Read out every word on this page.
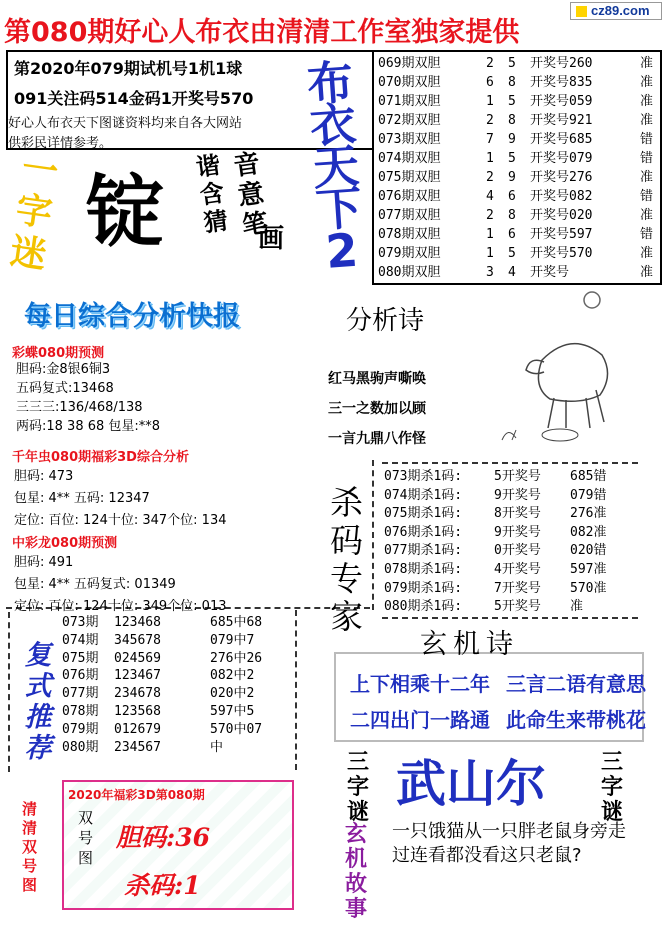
第080期好心人布衣由清清工作室独家提供
cz89.com
第2020年079期试机号1机1球
091关注码514金码1开奖号570
好心人布衣天下图谜资料均来自各大网站
供彩民详情参考。
一字迷 锭
谐含猜
音意笔
画
布衣天下2
069期双胆	2 5 开奖号260	准
070期双胆	6 8 开奖号835	准
071期双胆	1 5 开奖号059	准
072期双胆	2 8 开奖号921	准
073期双胆	7 9 开奖号685	错
074期双胆	1 5 开奖号079	错
075期双胆	2 9 开奖号276	准
076期双胆	4 6 开奖号082	错
077期双胆	2 8 开奖号020	准
078期双胆	1 6 开奖号597	错
079期双胆	1 5 开奖号570	准
080期双胆	3 4 开奖号	准
每日综合分析快报
彩蝶080期预测
胆码:金8银6铜3
五码复式:13468
三三三:136/468/138
两码:18 38 68 包星:**8
千年虫080期福彩3D综合分析
胆码: 473
包星: 4** 五码: 12347
定位: 百位: 124十位: 347个位: 134
中彩龙080期预测
胆码: 491
包星: 4** 五码复式: 01349
定位: 百位: 124十位: 349个位: 013
复式推荐
073期 123468	685中68
074期 345678	079中7
075期 024569	276中26
076期 123467	082中2
077期 234678	020中2
078期 123568	597中5
079期 012679	570中07
080期 234567	中
清清双号图
2020年福彩3D第080期
双号图
胆码:36
杀码:1
分析诗
红马黑驹声嘶唤
三一之数加以顾
一言九鼎八作怪
杀码专家
073期杀1码: 5开奖号 685错
074期杀1码: 9开奖号 079错
075期杀1码: 8开奖号 276准
076期杀1码: 9开奖号 082准
077期杀1码: 0开奖号 020错
078期杀1码: 4开奖号 597准
079期杀1码: 7开奖号 570准
080期杀1码: 5开奖号 准
玄机诗
上下相乘十二年 三言二语有意思
二四出门一路通 此命生来带桃花
三字谜 武山尔	三字谜
玄机故事
一只饿猫从一只胖老鼠身旁走过连看都没看这只老鼠?
